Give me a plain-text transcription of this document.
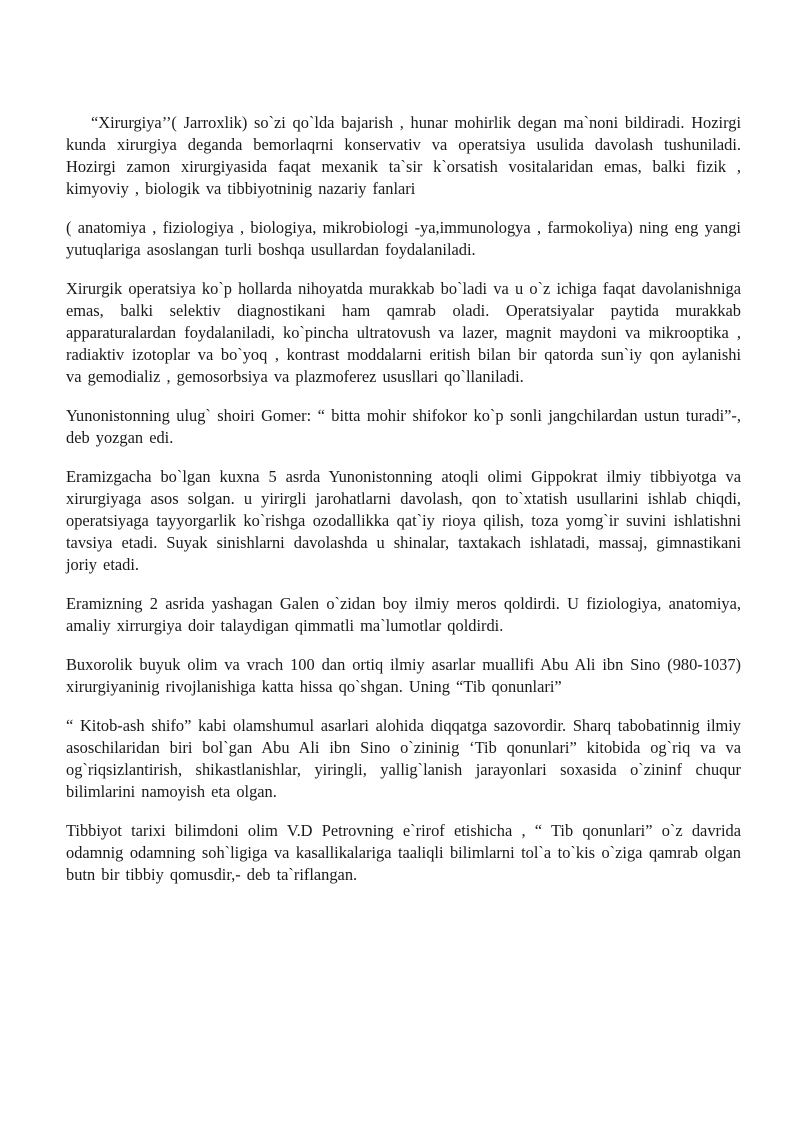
“Xirurgiya’’( Jarroxlik) so`zi qo`lda bajarish , hunar mohirlik degan ma`noni bildiradi. Hozirgi kunda xirurgiya deganda bemorlaqrni konservativ va operatsiya usulida davolash tushuniladi. Hozirgi zamon xirurgiyasida faqat mexanik ta`sir k`orsatish vositalaridan emas, balki fizik , kimyoviy , biologik va tibbiyotninig nazariy fanlari

( anatomiya , fiziologiya , biologiya, mikrobiologi -ya,immunologya , farmokoliya) ning eng yangi yutuqlariga asoslangan turli boshqa usullardan foydalaniladi.

Xirurgik operatsiya ko`p hollarda nihoyatda murakkab bo`ladi va u o`z ichiga faqat davolanishniga emas, balki selektiv diagnostikani ham qamrab oladi. Operatsiyalar paytida murakkab apparaturalardan foydalaniladi, ko`pincha ultratovush va lazer, magnit maydoni va mikrooptika , radiaktiv izotoplar va bo`yoq , kontrast moddalarni eritish bilan bir qatorda sun`iy qon aylanishi va gemodializ , gemosorbsiya va plazmoferez ususllari qo`llaniladi.

Yunonistonning ulug` shoiri Gomer: “ bitta mohir shifokor ko`p sonli jangchilardan ustun turadi”-, deb yozgan edi.

Eramizgacha bo`lgan kuxna 5 asrda Yunonistonning atoqli olimi Gippokrat ilmiy tibbiyotga va xirurgiyaga asos solgan. u yirirgli jarohatlarni davolash, qon to`xtatish usullarini ishlab chiqdi, operatsiyaga tayyorgarlik ko`rishga ozodallikka qat`iy rioya qilish, toza yomg`ir suvini ishlatishni tavsiya etadi. Suyak sinishlarni davolashda u shinalar, taxtakach ishlatadi, massaj, gimnastikani joriy etadi.

Eramizning 2 asrida yashagan Galen o`zidan boy ilmiy meros qoldirdi. U fiziologiya, anatomiya, amaliy xirrurgiya doir talaydigan qimmatli ma`lumotlar qoldirdi.

Buxorolik buyuk olim va vrach 100 dan ortiq ilmiy asarlar muallifi Abu Ali ibn Sino (980-1037) xirurgiyaninig rivojlanishiga katta hissa qo`shgan. Uning “Tib qonunlari”

“ Kitob-ash shifo” kabi olamshumul asarlari alohida diqqatga sazovordir. Sharq tabobatinnig ilmiy asoschilaridan biri bol`gan Abu Ali ibn Sino o`zininig ‘Tib qonunlari” kitobida og`riq va va og`riqsizlantirish, shikastlanishlar, yiringli, yallig`lanish jarayonlari soxasida o`zininf chuqur bilimlarini namoyish eta olgan.

Tibbiyot tarixi bilimdoni olim V.D Petrovning e`rirof etishicha , “ Tib qonunlari” o`z davrida odamnig odamning soh`ligiga va kasallikalariga taaliqli bilimlarni tol`a to`kis o`ziga qamrab olgan butn bir tibbiy qomusdir,- deb ta`riflangan.
